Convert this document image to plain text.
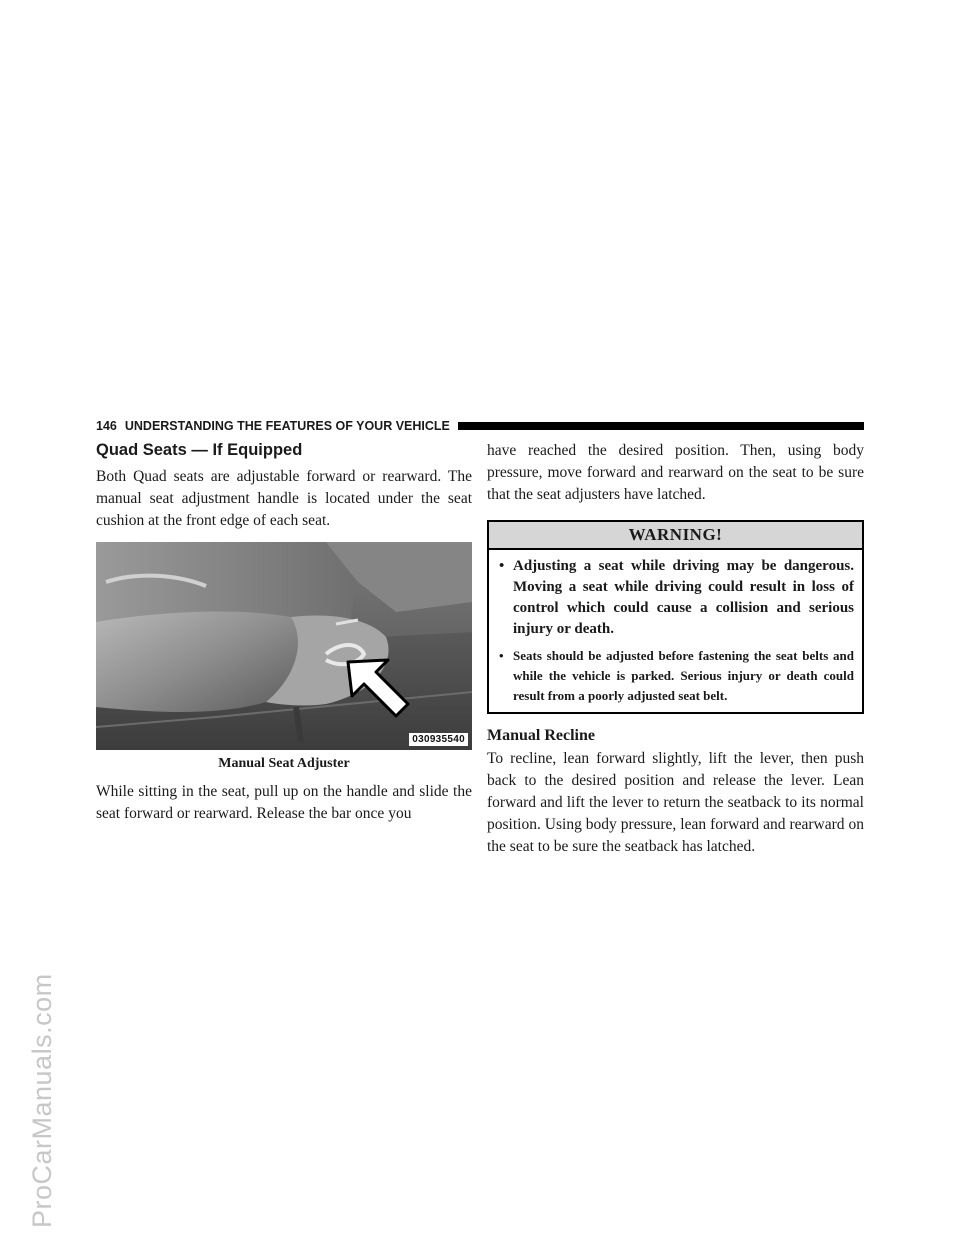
ProCarManuals.com
146 UNDERSTANDING THE FEATURES OF YOUR VEHICLE
Quad Seats — If Equipped

Both Quad seats are adjustable forward or rearward. The manual seat adjustment handle is located under the seat cushion at the front edge of each seat.

030935540
Manual Seat Adjuster

While sitting in the seat, pull up on the handle and slide the seat forward or rearward. Release the bar once you

have reached the desired position. Then, using body pressure, move forward and rearward on the seat to be sure that the seat adjusters have latched.

WARNING!
• Adjusting a seat while driving may be dangerous. Moving a seat while driving could result in loss of control which could cause a collision and serious injury or death.
• Seats should be adjusted before fastening the seat belts and while the vehicle is parked. Serious injury or death could result from a poorly adjusted seat belt.
Manual Recline

To recline, lean forward slightly, lift the lever, then push back to the desired position and release the lever. Lean forward and lift the lever to return the seatback to its normal position. Using body pressure, lean forward and rearward on the seat to be sure the seatback has latched.
